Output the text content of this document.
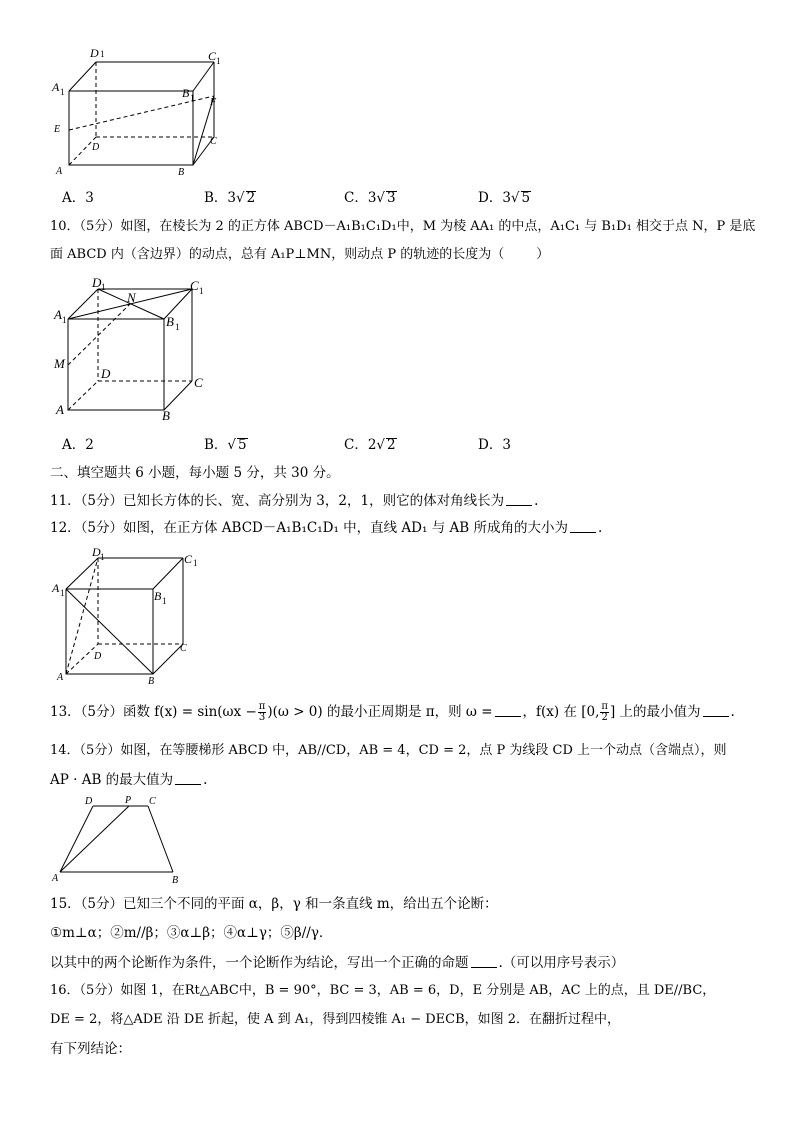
D 1	C 1
A 1	B 1 F
E
D
C
A	B
A．3	B．3√ 2	C．3√ 3	D．3√ 5
10．（5分）如图，在棱长为 2 的正方体 ABCD－A₁B₁C₁D₁中，M 为棱 AA₁ 的中点，A₁C₁ 与 B₁D₁ 相交于点 N，P 是底
面 ABCD 内（含边界）的动点，总有 A₁P⊥MN，则动点 P 的轨迹的长度为（ ）
D 1
N
C 1
A 1	B 1
M
D
C
A	B
A．2	B．√ 5	C．2√ 2	D．3
二、填空题共 6 小题，每小题 5 分，共 30 分。
11．（5分）已知长方体的长、宽、高分别为 3，2，1，则它的体对角线长为 .
12．（5分）如图，在正方体 ABCD－A₁B₁C₁D₁ 中，直线 AD₁ 与 AB 所成角的大小为 .
D 1	C 1
A 1	B 1
D
C
A	B
13．（5分）函数 $f(x) = \sin(\omega x - \frac{\pi}{3} )(\omega > 0)$ 的最小正周期是 π，则 ω = ，f(x) 在 [0, $\frac{\pi}{2}$ ] 上的最小值为 .
14．（5分）如图，在等腰梯形 ABCD 中，AB//CD，AB = 4，CD = 2，点 P 为线段 CD 上一个动点（含端点），则
AP · AB 的最大值为 .
D	P C
A	B
15．（5分）已知三个不同的平面 α，β，γ 和一条直线 m，给出五个论断：
①m⊥α；②m//β；③α⊥β；④α⊥γ；⑤β//γ．
以其中的两个论断作为条件，一个论断作为结论，写出一个正确的命题 .（可以用序号表示）
16．（5分）如图 1，在Rt△ABC中，B = 90°，BC = 3，AB = 6，D，E 分别是 AB，AC 上的点，且 DE//BC，
DE = 2，将△ADE 沿 DE 折起，使 A 到 A₁，得到四棱锥 A₁ − DECB，如图 2．在翻折过程中，
有下列结论：
